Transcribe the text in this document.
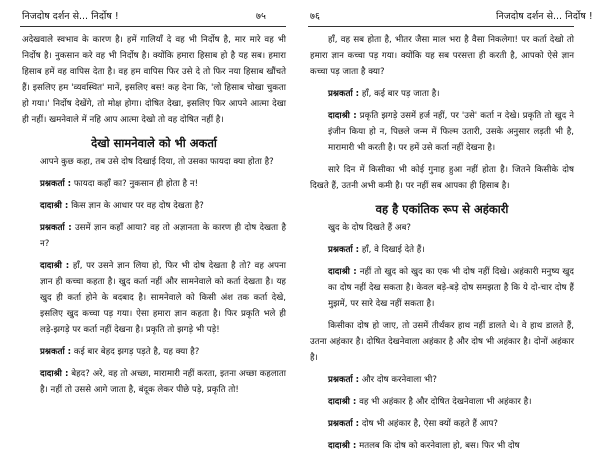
निजदोष दर्शन से... निर्दोष !	७५

अदेखवाले स्वभाव के कारण है। हमें गालियाँ दे वह भी निर्दोष है, मार मारे वह भी निर्दोष है। नुकसान करे वह भी निर्दोष है। क्योंकि हमारा हिसाब हो है यह सब। हमारा हिसाब हमें वह वापिस देता है। वह हम वापिस फिर उसे दे तो फिर नया हिसाब खौंचते हैं। इसलिए हम 'व्यवस्थित' मानें, इसलिए बस! कह देना कि, 'लो हिसाब चोखा चुकता हो गया।' निर्दोष देखेंगे, तो मोक्ष होगा। दोषित देखा, इसलिए फिर आपने आत्मा देखा ही नहीं। खमनेवाले में नहि आप आत्मा देखो तो वह दोषित नहीं है।

देखो सामनेवाले को भी अकर्ता

आपने कुछ कहा, तब उसे दोष दिखाई दिया, तो उसका फायदा क्या होता है?

प्रश्नकर्ता : फायदा कहाँ का? नुकसान ही होता है न!

दादाश्री : किस ज्ञान के आधार पर वह दोष देखता है?

प्रश्नकर्ता : उसमें ज्ञान कहाँ आया? वह तो अज्ञानता के कारण ही दोष देखता है न?

दादाश्री : हाँ, पर उसने ज्ञान लिया हो, फिर भी दोष देखता है तो? वह अपना ज्ञान ही कच्चा कहता है। खुद कर्ता नहीं और सामनेवाले को कर्ता देखता है। यह खुद ही कर्ता होने के बदबाद है। सामनेवाले को किसी अंश तक कर्ता देखे, इसलिए खुद कच्चा पड़ गया। ऐसा हमारा ज्ञान कहता है। फिर प्रकृति भले ही लड़े-झगड़े पर कर्ता नहीं देखना है। प्रकृति तो झगड़े भी पड़े!

प्रश्नकर्ता : कई बार बेहद झगड़ पड़ते है, यह क्या है?

दादाश्री : बेहद? अरे, वह तो अच्छा, मारामारी नहीं करता, इतना अच्छा कहलाता है। नहीं तो उससे आगे जाता है, बंदूक लेकर पीछे पड़े, प्रकृति तो!

७६	निजदोष दर्शन से... निर्दोष !

हाँ, वह सब होता है, भीतर जैसा माल भरा है वैसा निकलेगा! पर कर्ता देखो तो हमारा ज्ञान कच्चा पड़ गया। क्योंकि यह सब परसत्ता ही करती है, आपको ऐसे ज्ञान कच्चा पड़ जाता है क्या?

प्रश्नकर्ता : हाँ, कई बार पड़ जाता है।

दादाश्री : प्रकृति झगड़े उसमें हर्ज नहीं, पर 'उसे' कर्ता न देखे। प्रकृति तो खुद ने इंजीन किया हो न, पिछले जन्म में फिल्म उतारी, उसके अनुसार लड़ती भी है, मारामारी भी करती है। पर हमें उसे कर्ता नहीं देखना है।

सारे दिन में किसीका भी कोई गुनाह हुआ नहीं होता है। जितने किसीके दोष दिखते हैं, उतनी अभी कमी है। पर नहीं सब आपका ही हिसाब है।

वह है एकांतिक रूप से अहंकारी

खुद के दोष दिखते हैं अब?

प्रश्नकर्ता : हाँ, वे दिखाई देते हैं।

दादाश्री : नहीं तो खुद को खुद का एक भी दोष नहीं दिखे। अहंकारी मनुष्य खुद का दोष नहीं देख सकता है। केवल बड़े-बड़े दोष समझता है कि ये दो-चार दोष हैं मुझमें, पर सारे देख नहीं सकता है।

किसीका दोष हो जाए, तो उसमें तीर्थंकर हाथ नहीं डालते थे। वे हाथ डालते हैं, उतना अहंकार है। दोषित देखनेवाला अहंकार है और दोष भी अहंकार है। दोनों अहंकार है।

प्रश्नकर्ता : और दोष करनेवाला भी?

दादाश्री : वह भी अहंकार है और दोषित देखनेवाला भी अहंकार है।

प्रश्नकर्ता : दोष भी अहंकार है, ऐसा क्यों कहते हैं आप?

दादाश्री : मतलब कि दोष को करनेवाला हो, बस। फिर भी दोष
